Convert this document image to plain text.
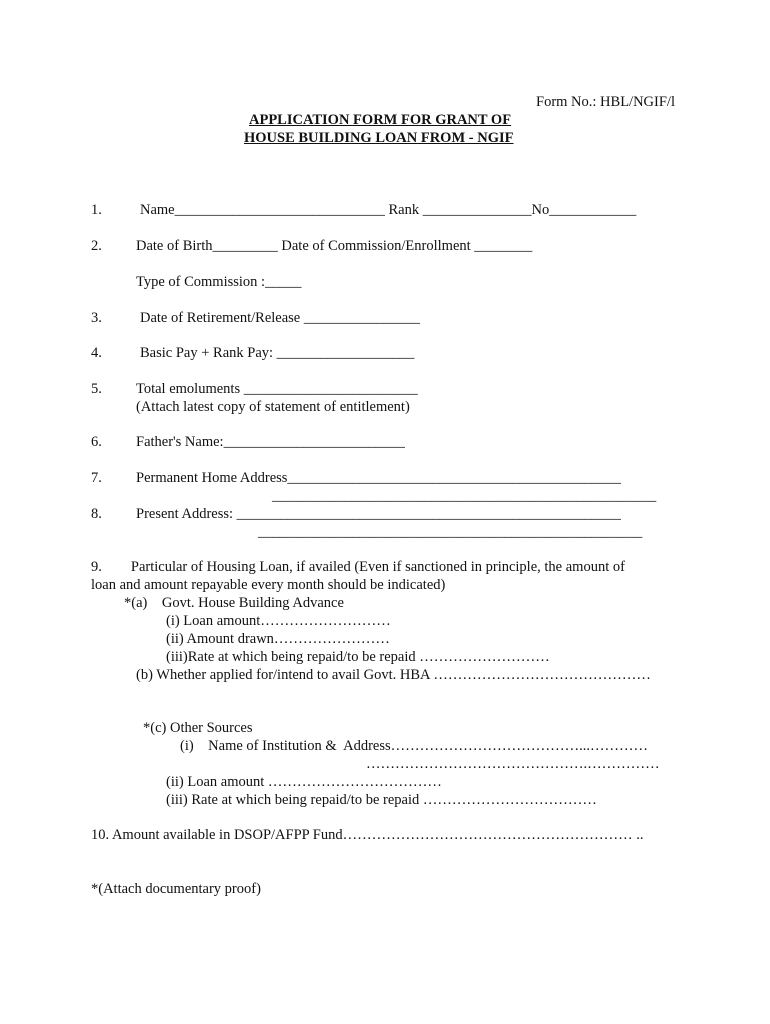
Form No.: HBL/NGIF/l
APPLICATION FORM FOR GRANT OF
HOUSE BUILDING LOAN FROM - NGIF
1.	Name_____________________________ Rank _______________No____________
2. Date of Birth_________ Date of Commission/Enrollment ________
Type of Commission :_____
3.	Date of Retirement/Release ________________
4.	Basic Pay + Rank Pay: ___________________
5. Total emoluments ________________________
(Attach latest copy of statement of entitlement)
6. Father's Name:_________________________
7. Permanent Home Address______________________________________________
_____________________________________________________
8. Present Address: _____________________________________________________
_____________________________________________________
9.        Particular of Housing Loan, if availed (Even if sanctioned in principle, the amount of
loan and amount repayable every month should be indicated)
*(a)    Govt. House Building Advance
(i) Loan amount………………………
(ii) Amount drawn……………………
(iii)Rate at which being repaid/to be repaid ………………………
(b) Whether applied for/intend to avail Govt. HBA ………………………………………
*(c) Other Sources
(i)    Name of Institution &  Address…………………………………...…………
……………………………………….……………
(ii) Loan amount ………………………………
(iii) Rate at which being repaid/to be repaid ………………………………
10. Amount available in DSOP/AFPP Fund…………………………………………………… ..
*(Attach documentary proof)
